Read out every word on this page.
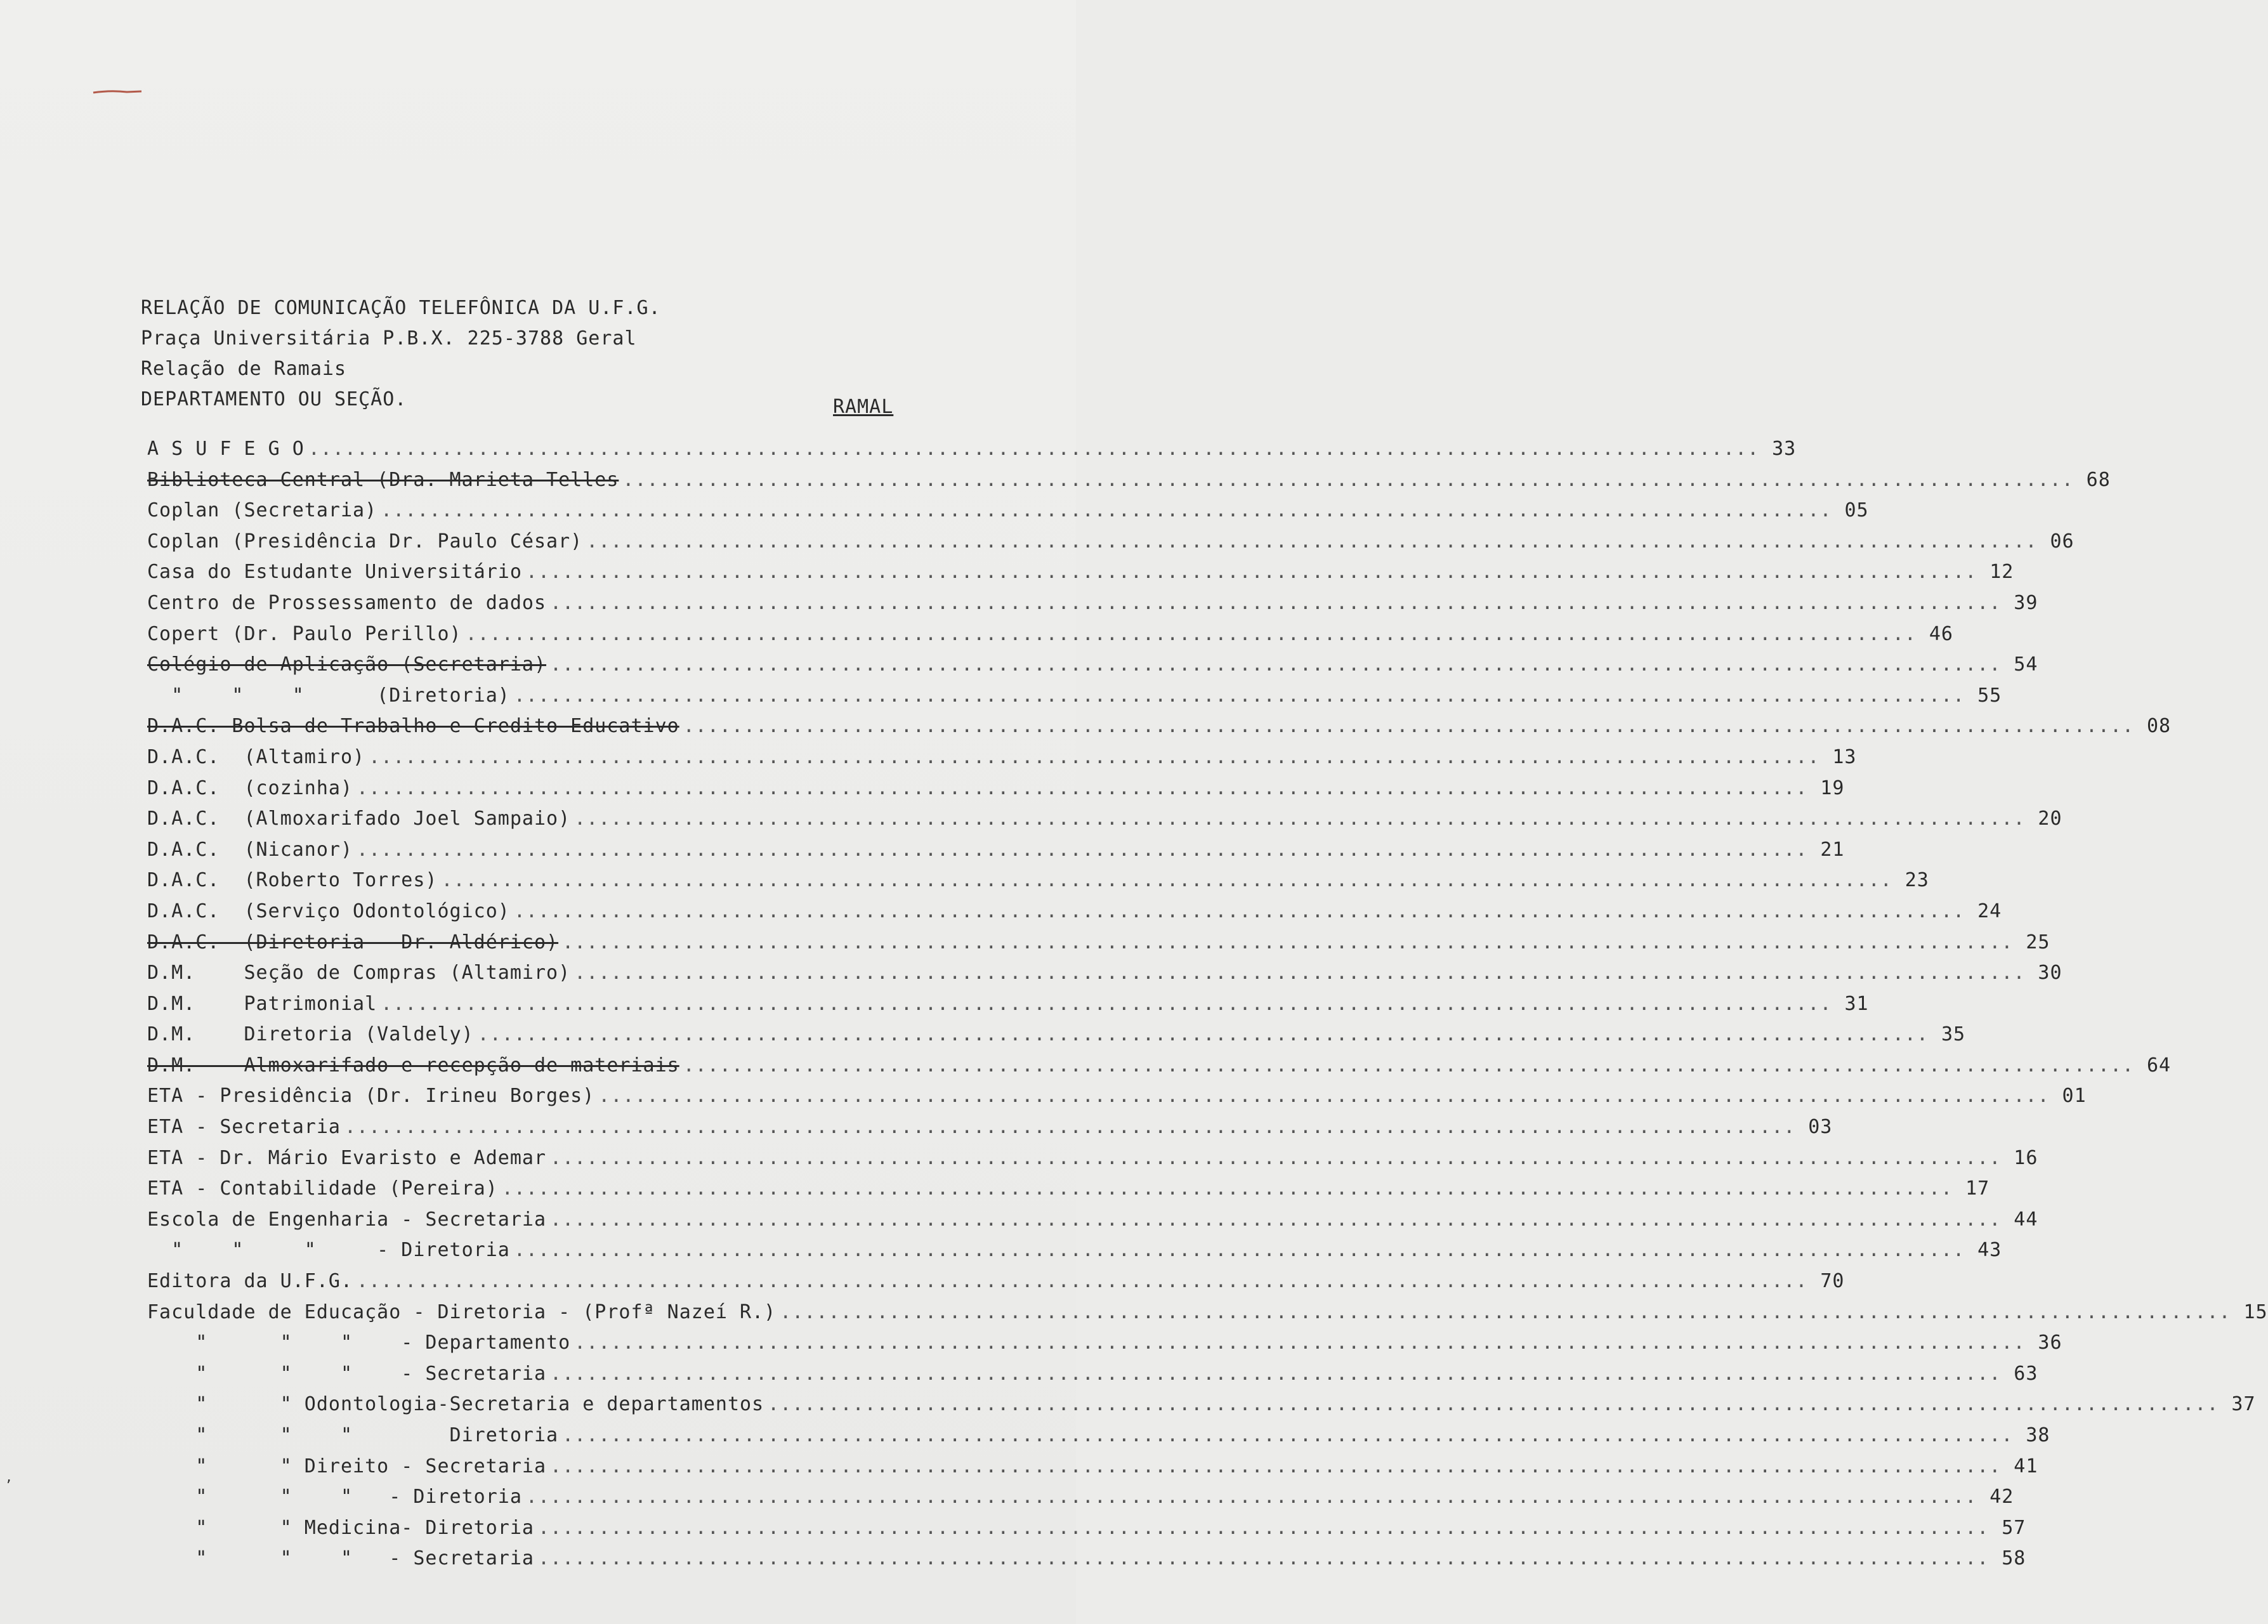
RELAÇÃO DE COMUNICAÇÃO TELEFÔNICA DA U.F.G.
Praça Universitária P.B.X. 225-3788 Geral
Relação de Ramais
DEPARTAMENTO OU SEÇÃO.	RAMAL
A S U F E G O ........................................................................................................................ 33
Biblioteca Central (Dra. Marieta Telles ........................................................................................................................ 68
Coplan (Secretaria) ........................................................................................................................ 05
Coplan (Presidência Dr. Paulo César) ........................................................................................................................ 06
Casa do Estudante Universitário ........................................................................................................................ 12
Centro de Prossessamento de dados ........................................................................................................................ 39
Copert (Dr. Paulo Perillo) ........................................................................................................................ 46
Colégio de Aplicação (Secretaria) ........................................................................................................................ 54
"    "    "      (Diretoria) ........................................................................................................................ 55
D.A.C. Bolsa de Trabalho e Credito Educativo ........................................................................................................................ 08
D.A.C.  (Altamiro) ........................................................................................................................ 13
D.A.C.  (cozinha) ........................................................................................................................ 19
D.A.C.  (Almoxarifado Joel Sampaio) ........................................................................................................................ 20
D.A.C.  (Nicanor) ........................................................................................................................ 21
D.A.C.  (Roberto Torres) ........................................................................................................................ 23
D.A.C.  (Serviço Odontológico) ........................................................................................................................ 24
D.A.C.  (Diretoria - Dr. Aldérico) ........................................................................................................................ 25
D.M.    Seção de Compras (Altamiro) ........................................................................................................................ 30
D.M.    Patrimonial ........................................................................................................................ 31
D.M.    Diretoria (Valdely) ........................................................................................................................ 35
D.M.    Almoxarifado e recepção de materiais ........................................................................................................................ 64
ETA - Presidência (Dr. Irineu Borges) ........................................................................................................................ 01
ETA - Secretaria ........................................................................................................................ 03
ETA - Dr. Mário Evaristo e Ademar ........................................................................................................................ 16
ETA - Contabilidade (Pereira) ........................................................................................................................ 17
Escola de Engenharia - Secretaria ........................................................................................................................ 44
"    "     "     - Diretoria ........................................................................................................................ 43
Editora da U.F.G. ........................................................................................................................ 70
Faculdade de Educação - Diretoria - (Profª Nazeí R.) ........................................................................................................................ 15
"      "    "    - Departamento ........................................................................................................................ 36
"      "    "    - Secretaria ........................................................................................................................ 63
"      " Odontologia-Secretaria e departamentos ........................................................................................................................ 37
"      "    "        Diretoria ........................................................................................................................ 38
"      " Direito - Secretaria ........................................................................................................................ 41
"      "    "   - Diretoria ........................................................................................................................ 42
"      " Medicina- Diretoria ........................................................................................................................ 57
"      "    "   - Secretaria ........................................................................................................................ 58
,
